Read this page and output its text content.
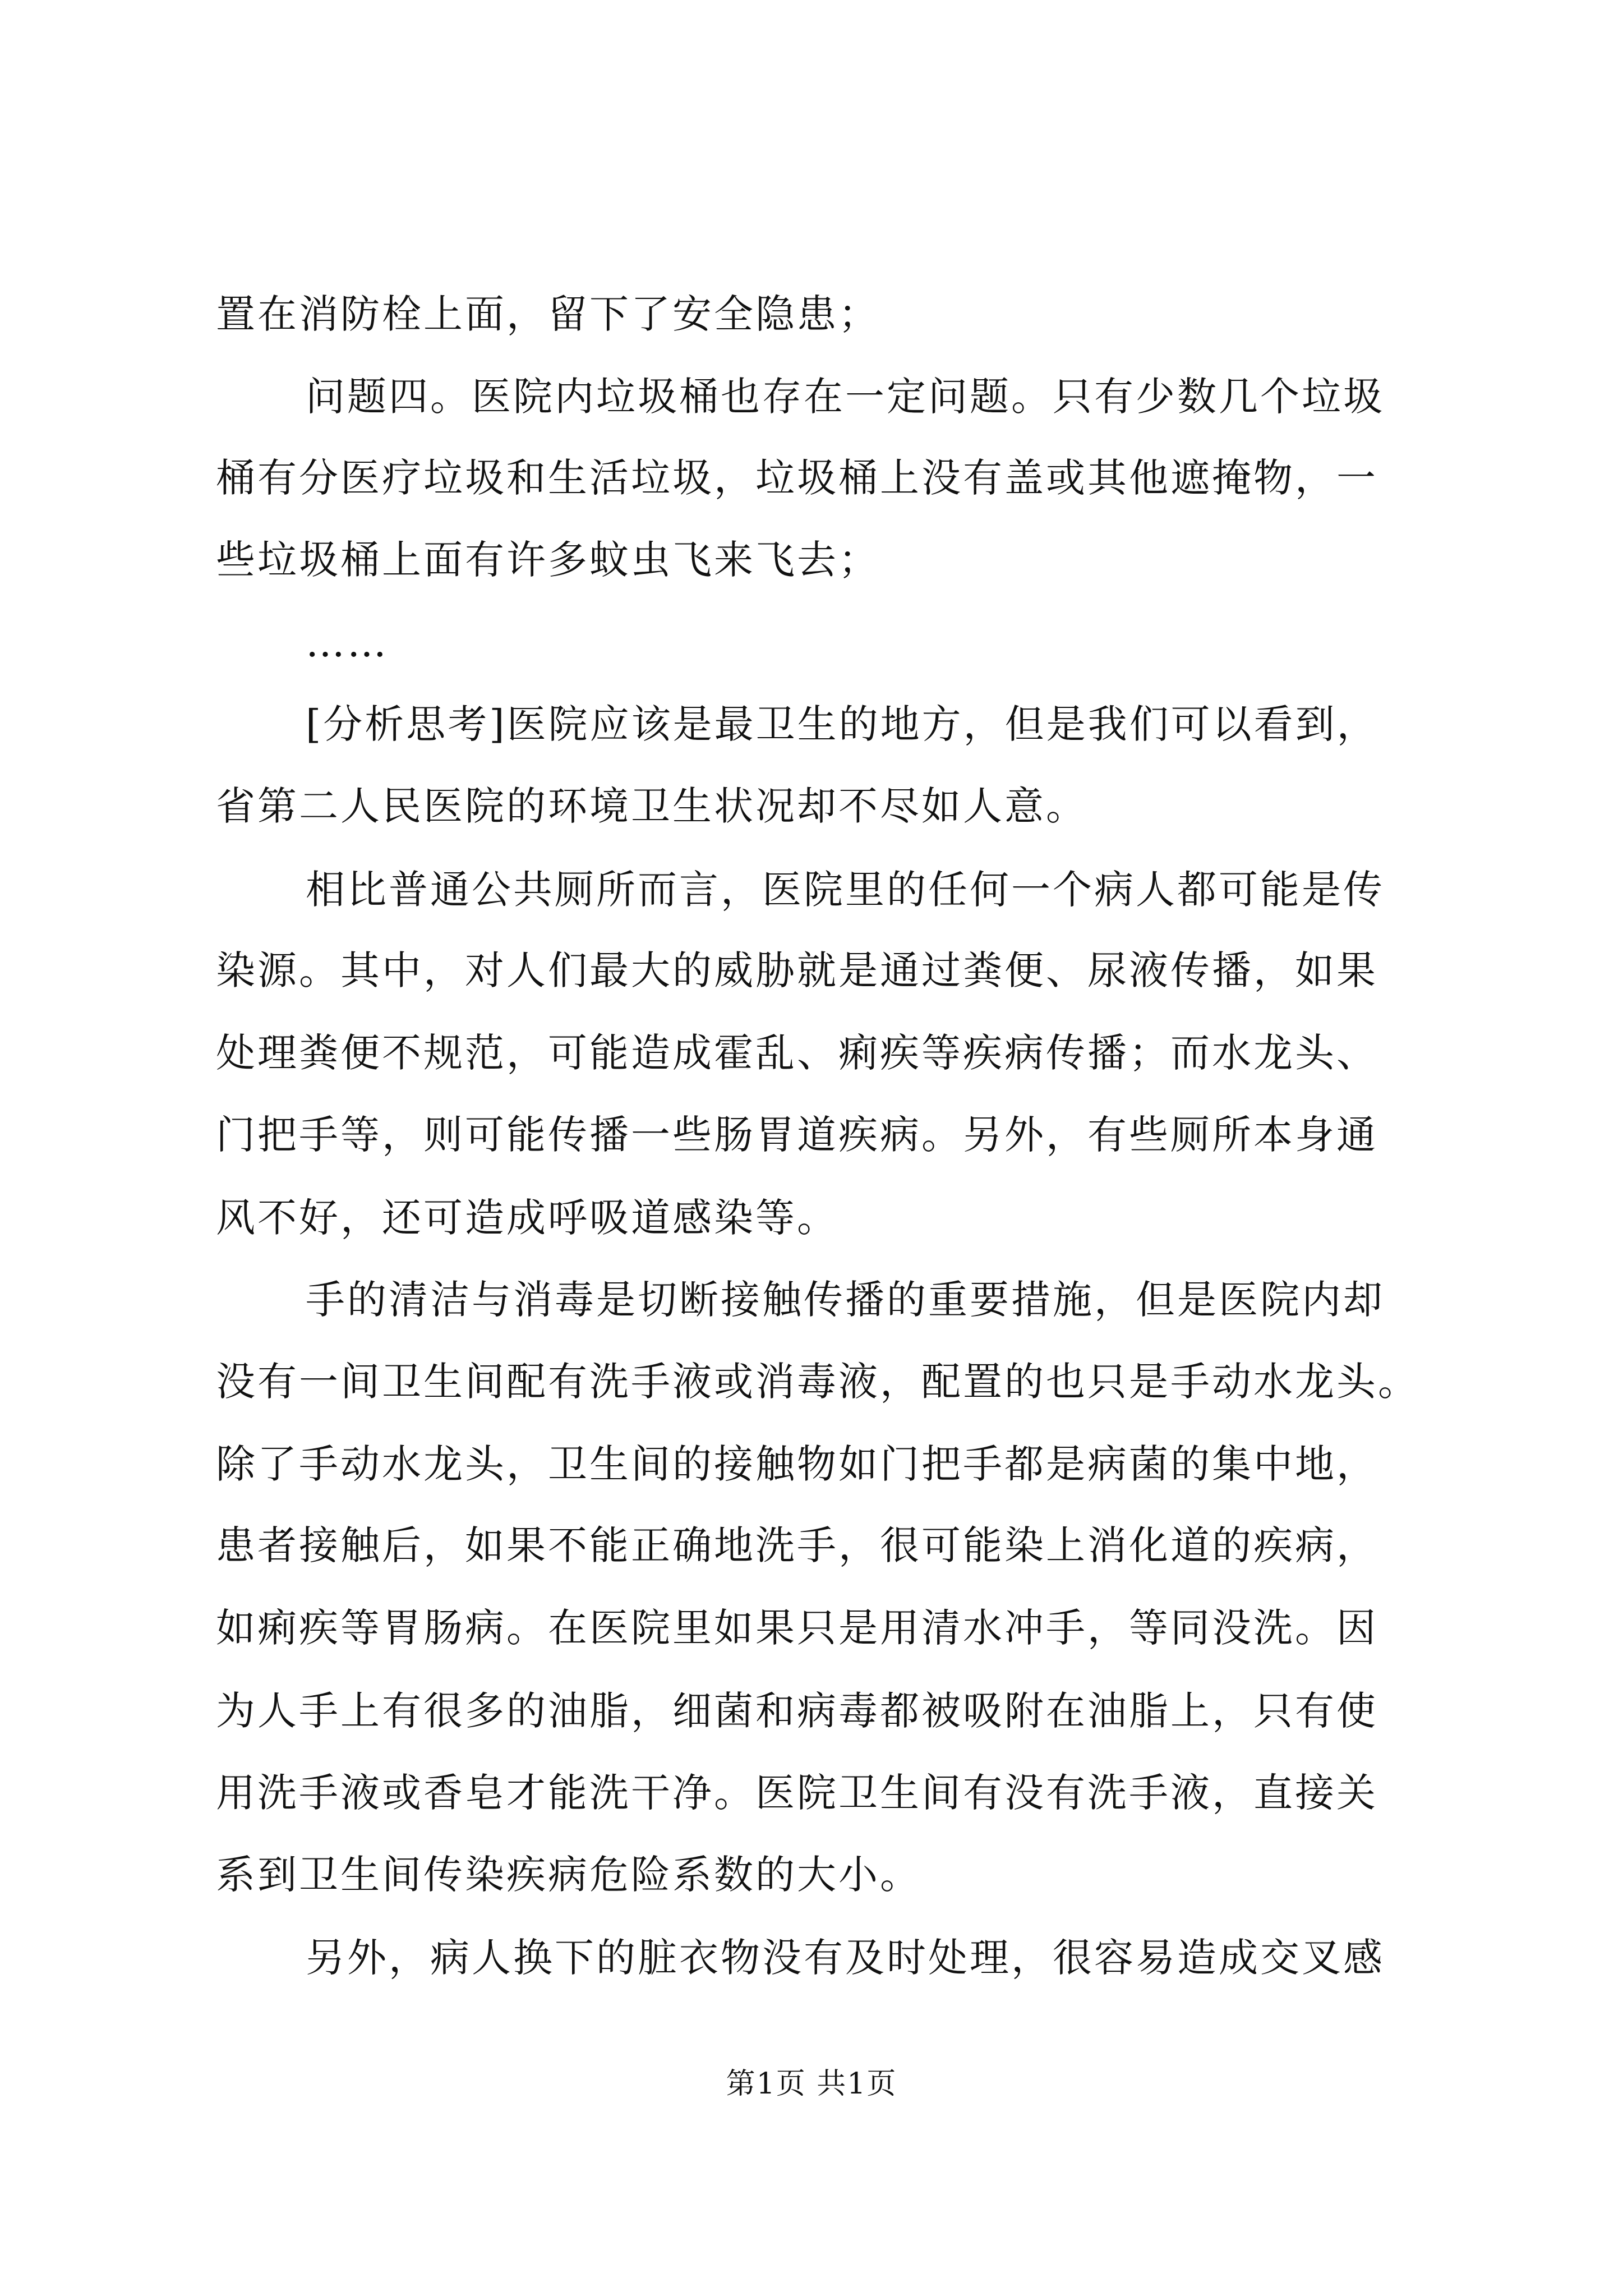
置在消防栓上面，留下了安全隐患；
问题四。医院内垃圾桶也存在一定问题。只有少数几个垃圾
桶有分医疗垃圾和生活垃圾，垃圾桶上没有盖或其他遮掩物，一
些垃圾桶上面有许多蚊虫飞来飞去；
……
[分析思考]医院应该是最卫生的地方，但是我们可以看到，
省第二人民医院的环境卫生状况却不尽如人意。
相比普通公共厕所而言，医院里的任何一个病人都可能是传
染源。其中，对人们最大的威胁就是通过粪便、尿液传播，如果
处理粪便不规范，可能造成霍乱、痢疾等疾病传播；而水龙头、
门把手等，则可能传播一些肠胃道疾病。另外，有些厕所本身通
风不好，还可造成呼吸道感染等。
手的清洁与消毒是切断接触传播的重要措施，但是医院内却
没有一间卫生间配有洗手液或消毒液，配置的也只是手动水龙头。
除了手动水龙头，卫生间的接触物如门把手都是病菌的集中地，
患者接触后，如果不能正确地洗手，很可能染上消化道的疾病，
如痢疾等胃肠病。在医院里如果只是用清水冲手，等同没洗。因
为人手上有很多的油脂，细菌和病毒都被吸附在油脂上，只有使
用洗手液或香皂才能洗干净。医院卫生间有没有洗手液，直接关
系到卫生间传染疾病危险系数的大小。
另外，病人换下的脏衣物没有及时处理，很容易造成交叉感
第1页 共1页
